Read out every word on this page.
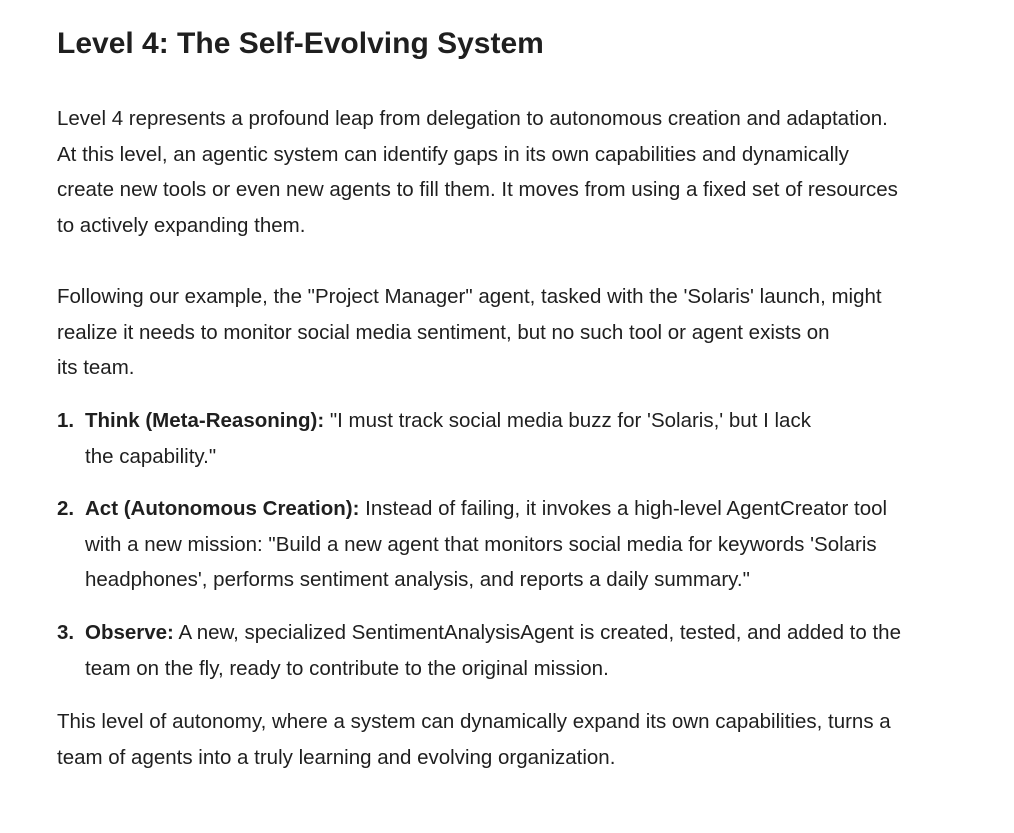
Level 4: The Self-Evolving System

Level 4 represents a profound leap from delegation to autonomous creation and adaptation.
At this level, an agentic system can identify gaps in its own capabilities and dynamically
create new tools or even new agents to fill them. It moves from using a fixed set of resources
to actively expanding them.

Following our example, the "Project Manager" agent, tasked with the 'Solaris' launch, might
realize it needs to monitor social media sentiment, but no such tool or agent exists on
its team.

1. Think (Meta-Reasoning): "I must track social media buzz for 'Solaris,' but I lack
the capability."
2. Act (Autonomous Creation): Instead of failing, it invokes a high-level AgentCreator tool
with a new mission: "Build a new agent that monitors social media for keywords 'Solaris
headphones', performs sentiment analysis, and reports a daily summary."
3. Observe: A new, specialized SentimentAnalysisAgent is created, tested, and added to the
team on the fly, ready to contribute to the original mission.

This level of autonomy, where a system can dynamically expand its own capabilities, turns a
team of agents into a truly learning and evolving organization.
